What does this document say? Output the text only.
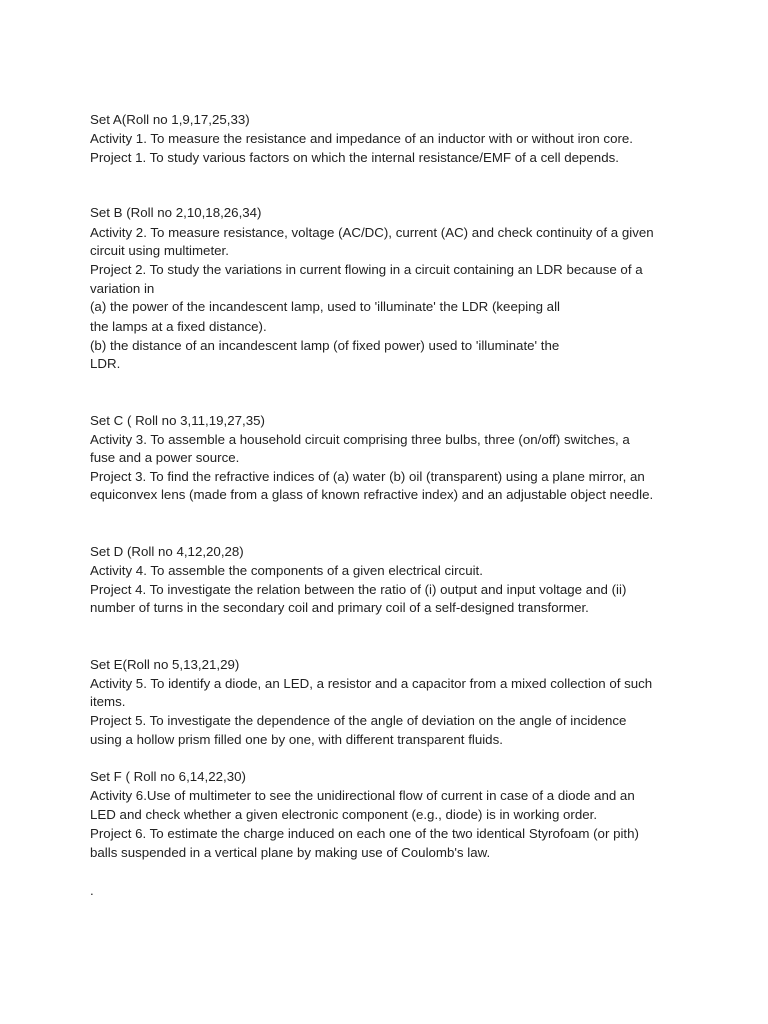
Set A(Roll no 1,9,17,25,33)
Activity 1. To measure the resistance and impedance of an inductor with or without iron core.
Project 1. To study various factors on which the internal resistance/EMF of a cell depends.
Set B (Roll no 2,10,18,26,34)
Activity 2. To measure resistance, voltage (AC/DC), current (AC) and check continuity of a given
circuit using multimeter.
Project 2. To study the variations in current flowing in a circuit containing an LDR because of a
variation in
(a) the power of the incandescent lamp, used to 'illuminate' the LDR (keeping all
the lamps at a fixed distance).
(b) the distance of an incandescent lamp (of fixed power) used to 'illuminate' the
LDR.
Set C ( Roll no 3,11,19,27,35)
Activity 3. To assemble a household circuit comprising three bulbs, three (on/off) switches, a
fuse and a power source.
Project 3. To find the refractive indices of (a) water (b) oil (transparent) using a plane mirror, an
equiconvex lens (made from a glass of known refractive index) and an adjustable object needle.
Set D (Roll no 4,12,20,28)
Activity 4. To assemble the components of a given electrical circuit.
Project 4. To investigate the relation between the ratio of (i) output and input voltage and (ii)
number of turns in the secondary coil and primary coil of a self-designed transformer.
Set E(Roll no 5,13,21,29)
Activity 5. To identify a diode, an LED, a resistor and a capacitor from a mixed collection of such
items.
Project 5. To investigate the dependence of the angle of deviation on the angle of incidence
using a hollow prism filled one by one, with different transparent fluids.
Set F ( Roll no 6,14,22,30)
Activity 6.Use of multimeter to see the unidirectional flow of current in case of a diode and an
LED and check whether a given electronic component (e.g., diode) is in working order.
Project 6. To estimate the charge induced on each one of the two identical Styrofoam (or pith)
balls suspended in a vertical plane by making use of Coulomb's law.
.
